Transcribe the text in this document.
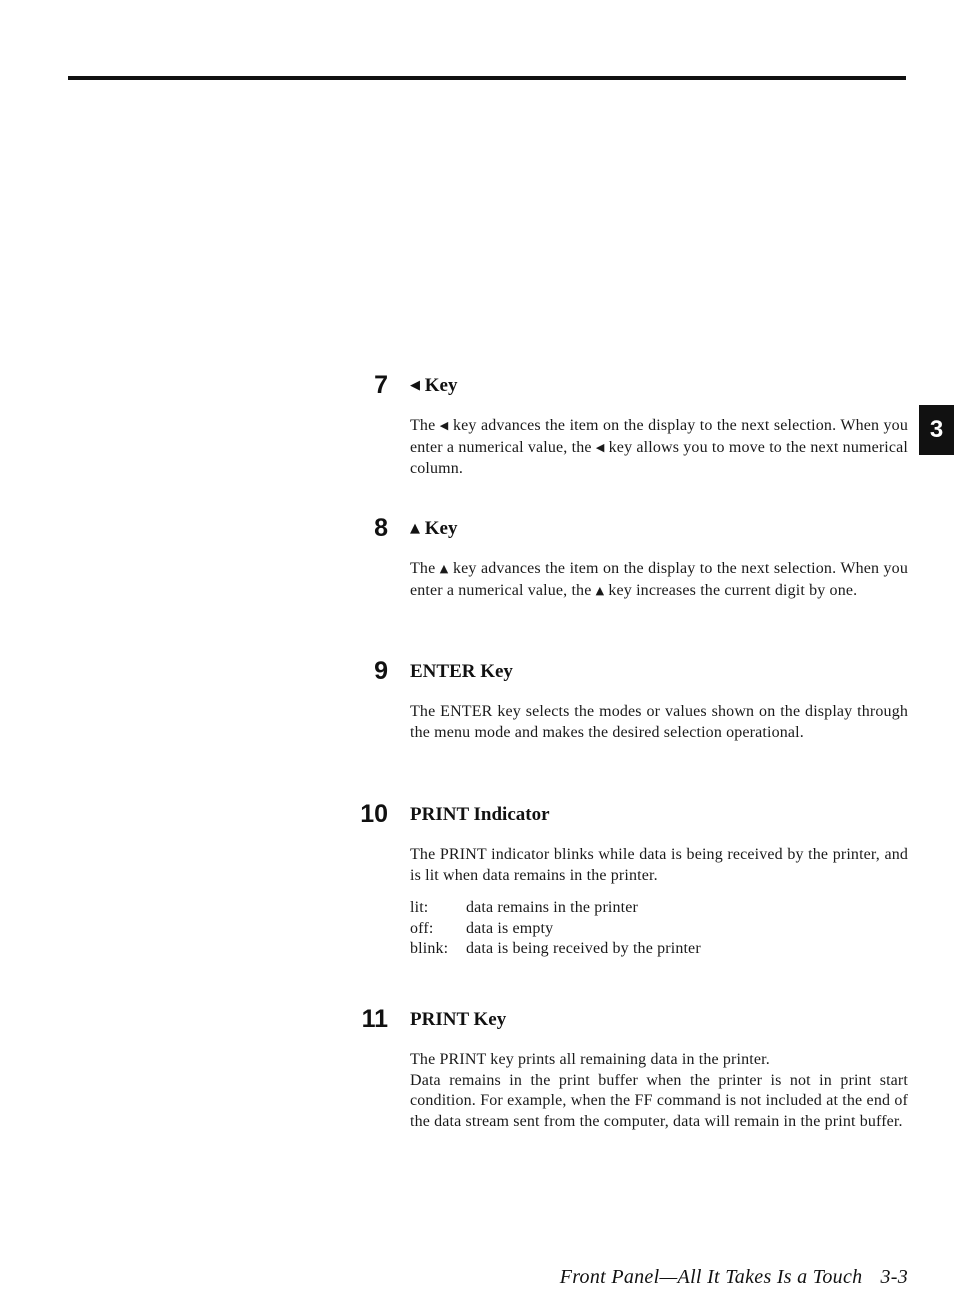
3
7 ◀ Key

The ◀ key advances the item on the display to the next selection. When you enter a numerical value, the ◀ key allows you to move to the next numerical column.

8 ▲ Key

The ▲ key advances the item on the display to the next selection. When you enter a numerical value, the ▲ key increases the current digit by one.

9 ENTER Key

The ENTER key selects the modes or values shown on the display through the menu mode and makes the desired selection operational.

10 PRINT Indicator

The PRINT indicator blinks while data is being received by the printer, and is lit when data remains in the printer.

lit:	data remains in the printer
off:	data is empty
blink:	data is being received by the printer
11 PRINT Key

The PRINT key prints all remaining data in the printer.

Data remains in the print buffer when the printer is not in print start condition. For example, when the FF command is not included at the end of the data stream sent from the computer, data will remain in the print buffer.

Front Panel—All It Takes Is a Touch 3-3
